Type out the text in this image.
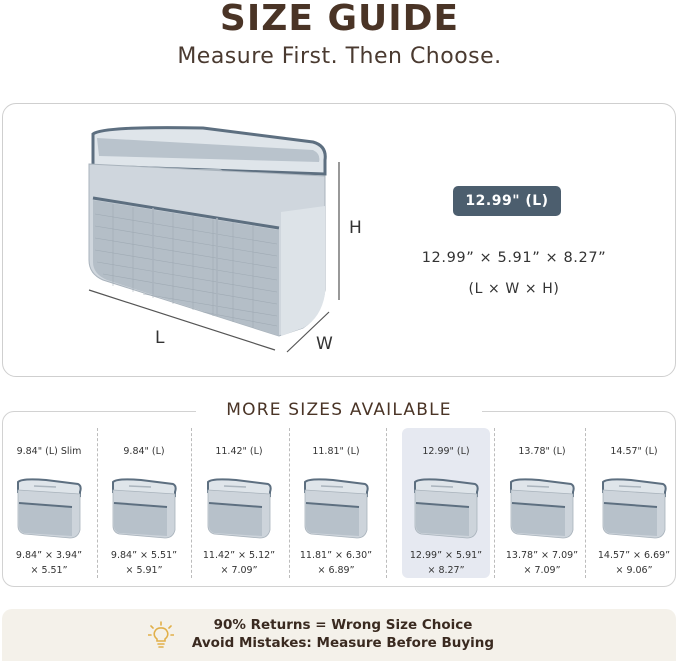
SIZE GUIDE
Measure First. Then Choose.
H
L	W
12.99" (L)
12.99” × 5.91” × 8.27”
(L × W × H)
MORE SIZES AVAILABLE
9.84" (L) Slim
9.84” × 3.94”
× 5.51”
9.84" (L)
9.84” × 5.51”
× 5.91”
11.42" (L)
11.42” × 5.12”
× 7.09”
11.81" (L)
11.81” × 6.30”
× 6.89”
12.99" (L)
12.99” × 5.91”
× 8.27”
13.78" (L)
13.78” × 7.09”
× 7.09”
14.57" (L)
14.57” × 6.69”
× 9.06”
90% Returns = Wrong Size Choice
Avoid Mistakes: Measure Before Buying
